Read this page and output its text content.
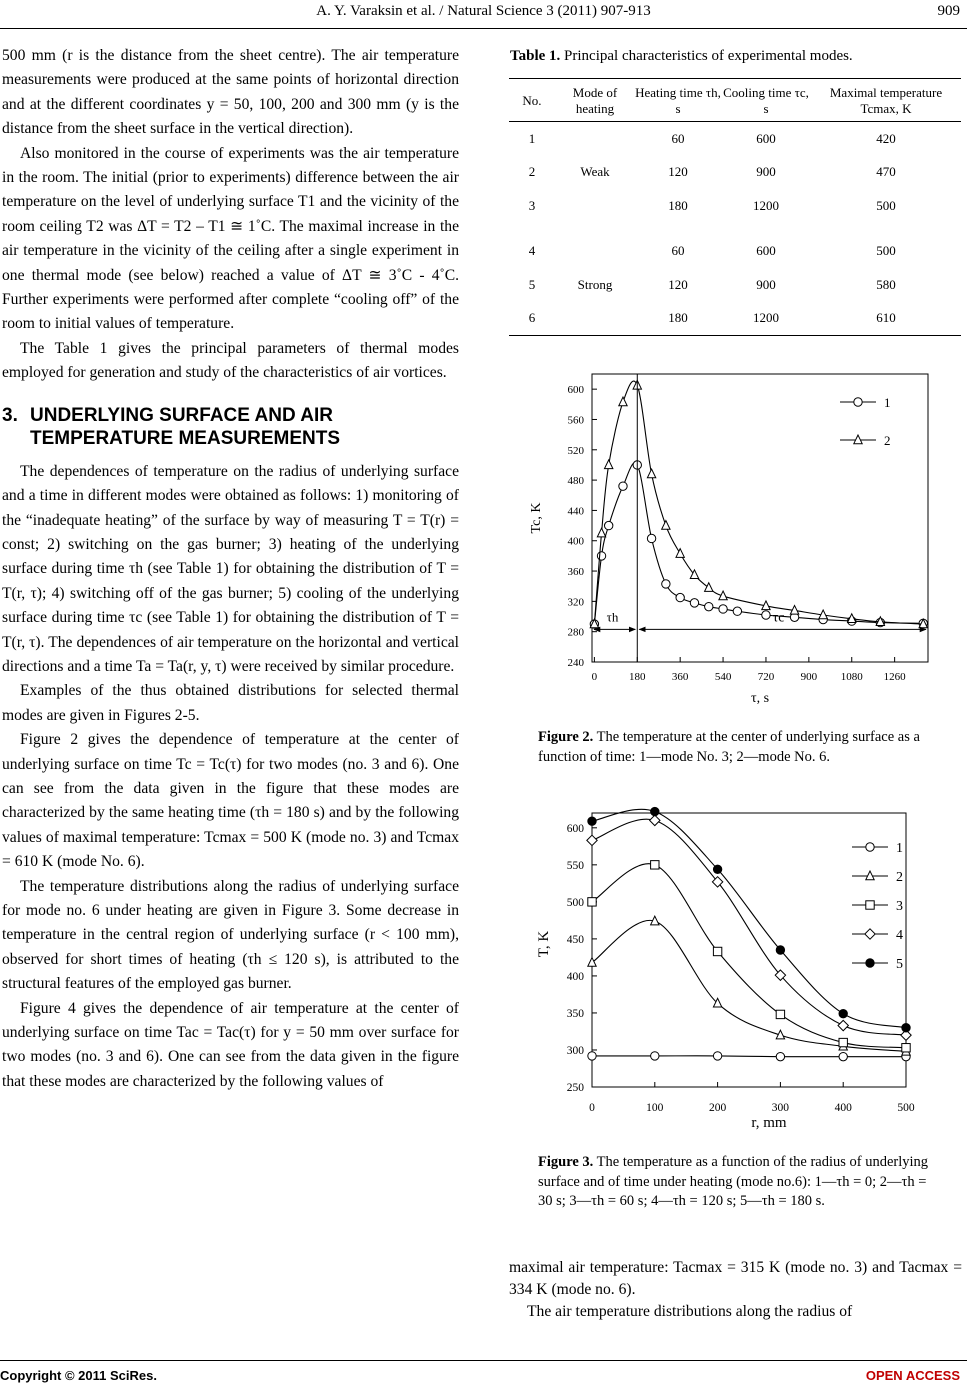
A. Y. Varaksin et al. / Natural Science 3 (2011) 907-913	909

500 mm (r is the distance from the sheet centre). The air temperature measurements were produced at the same points of horizontal direction and at the different coordinates y = 50, 100, 200 and 300 mm (y is the distance from the sheet surface in the vertical direction).

Also monitored in the course of experiments was the air temperature in the room. The initial (prior to experiments) difference between the air temperature on the level of underlying surface T1 and the vicinity of the room ceiling T2 was ΔT = T2 – T1 ≅ 1˚C. The maximal increase in the air temperature in the vicinity of the ceiling after a single experiment in one thermal mode (see below) reached a value of ΔT ≅ 3˚C - 4˚C. Further experiments were performed after complete “cooling off” of the room to initial values of temperature.

The Table 1 gives the principal parameters of thermal modes employed for generation and study of the characteristics of air vortices.

3. UNDERLYING SURFACE AND AIR TEMPERATURE MEASUREMENTS

The dependences of temperature on the radius of underlying surface and a time in different modes were obtained as follows: 1) monitoring of the “inadequate heating” of the surface by way of measuring T = T(r) = const; 2) switching on the gas burner; 3) heating of the underlying surface during time τh (see Table 1) for obtaining the distribution of T = T(r, τ); 4) switching off of the gas burner; 5) cooling of the underlying surface during time τc (see Table 1) for obtaining the distribution of T = T(r, τ). The dependences of air temperature on the horizontal and vertical directions and a time Ta = Ta(r, y, τ) were received by similar procedure.

Examples of the thus obtained distributions for selected thermal modes are given in Figures 2-5.

Figure 2 gives the dependence of temperature at the center of underlying surface on time Tc = Tc(τ) for two modes (no. 3 and 6). One can see from the data given in the figure that these modes are characterized by the same heating time (τh = 180 s) and by the following values of maximal temperature: Tcmax = 500 K (mode no. 3) and Tcmax = 610 K (mode No. 6).

The temperature distributions along the radius of underlying surface for mode no. 6 under heating are given in Figure 3. Some decrease in temperature in the central region of underlying surface (r < 100 mm), observed for short times of heating (τh ≤ 120 s), is attributed to the structural features of the employed gas burner.

Figure 4 gives the dependence of air temperature at the center of underlying surface on time Tac = Tac(τ) for y = 50 mm over surface for two modes (no. 3 and 6). One can see from the data given in the figure that these modes are characterized by the following values of

Table 1. Principal characteristics of experimental modes.
No.	Mode of heating	Heating time τh, s	Cooling time τc, s	Maximal temperature Tcmax, K
1		60	600	420
2	Weak	120	900	470
3		180	1200	500
4		60	600	500
5	Strong	120	900	580
6		180	1200	610
240
280
320
360
400
440
480
520
560
600
0	180 360 540 720 900 1080 1260
τ, s
Tc, K
1
2
τh	τc
Figure 2. The temperature at the center of underlying surface as a function of time: 1—mode No. 3; 2—mode No. 6.
250
300
350
400
450
500
550
600
0	100	200	300	400	500
r, mm
T, K
1
2
3
4
5
Figure 3. The temperature as a function of the radius of underlying surface and of time under heating (mode no.6): 1—τh = 0; 2—τh = 30 s; 3—τh = 60 s; 4—τh = 120 s; 5—τh = 180 s.

maximal air temperature: Tacmax = 315 K (mode no. 3) and Tacmax = 334 K (mode no. 6).

The air temperature distributions along the radius of

Copyright © 2011 SciRes.	OPEN ACCESS
